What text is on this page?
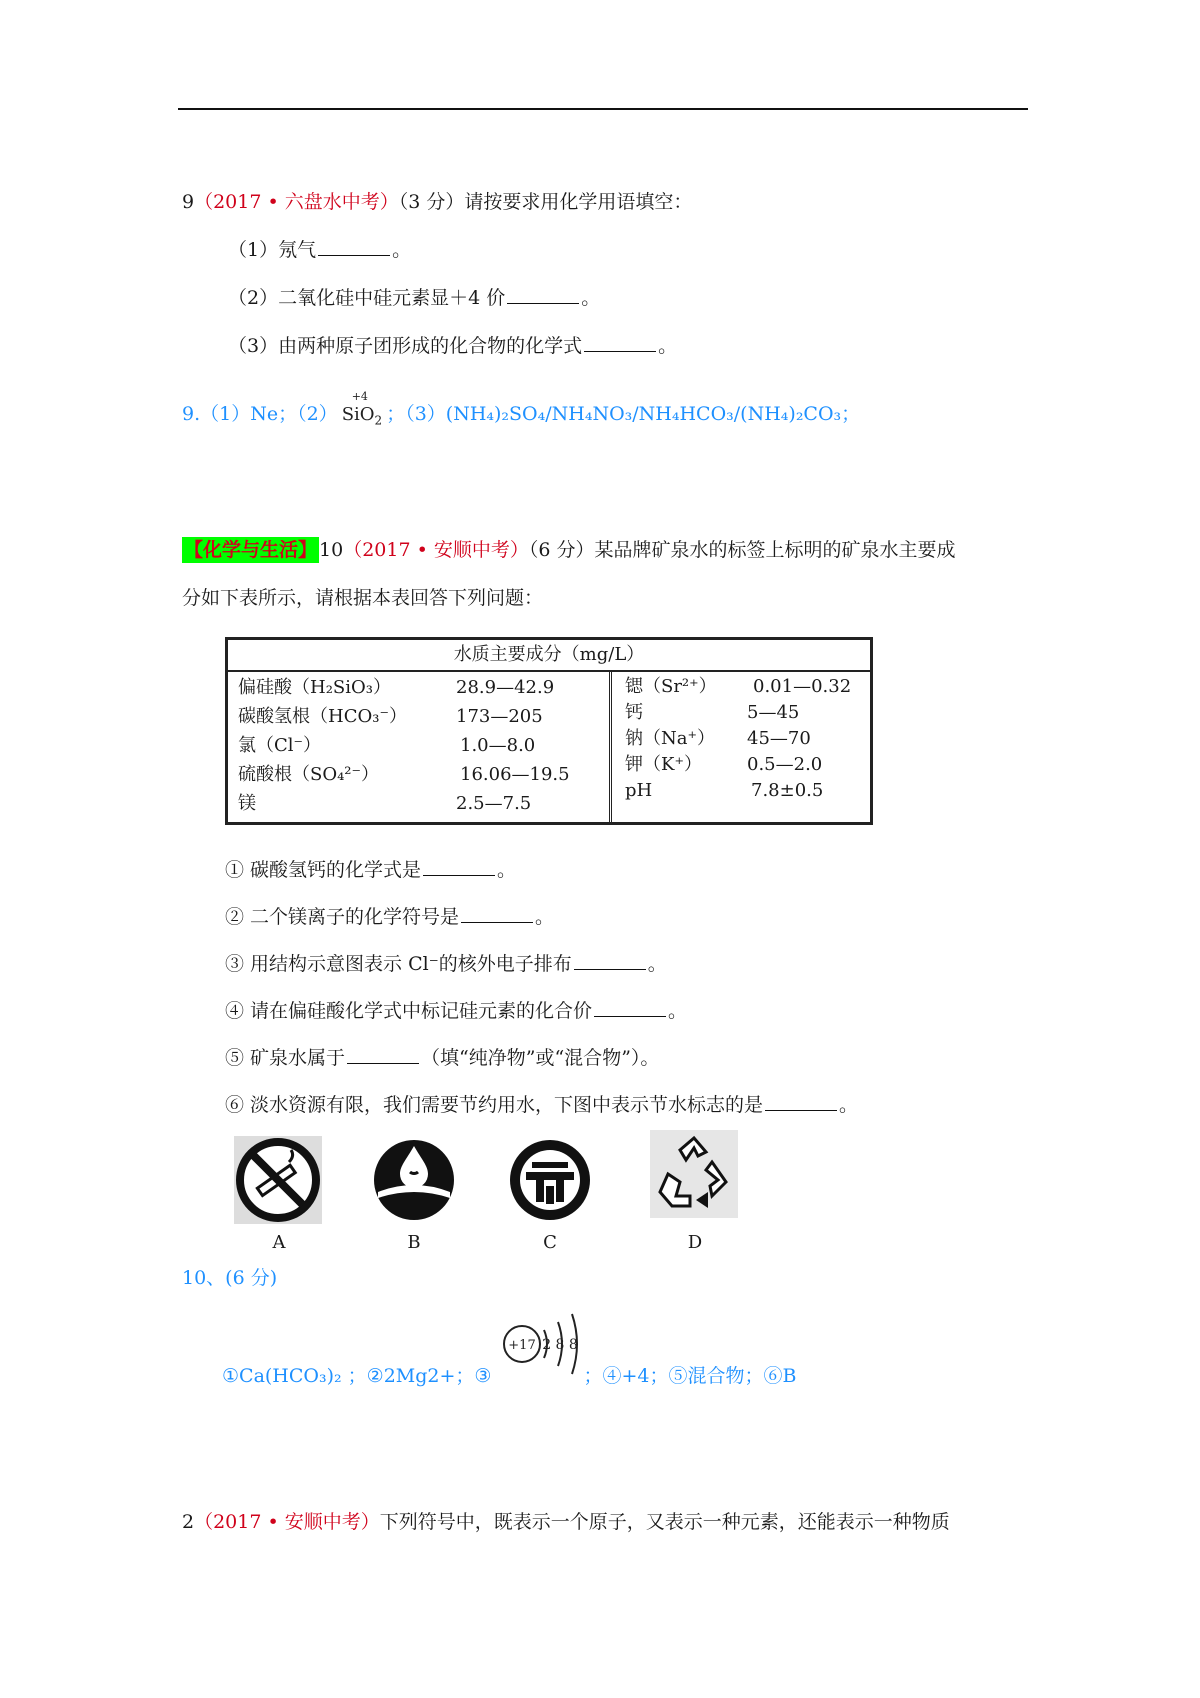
9（2017 • 六盘水中考）（3 分）请按要求用化学用语填空：
（1）氖气	。
（2）二氧化硅中硅元素显＋4 价	。
（3）由两种原子团形成的化合物的化学式	。
9.（1）Ne；（2）
+4
SiO$_2$ ；（3）(NH₄)₂SO₄/NH₄NO₃/NH₄HCO₃/(NH₄)₂CO₃；
【化学与生活】 10（2017 • 安顺中考）（6 分）某品牌矿泉水的标签上标明的矿泉水主要成
分如下表所示，请根据本表回答下列问题：
水质主要成分（mg/L）
偏硅酸（H₂SiO₃）	28.9—42.9
碳酸氢根（HCO₃⁻）	173—205
氯（Cl⁻）	1.0—8.0
硫酸根（SO₄²⁻）	16.06—19.5
镁	2.5—7.5
锶（Sr²⁺） 0.01—0.32
钙	5—45
钠（Na⁺） 45—70
钾（K⁺）	0.5—2.0
pH	7.8±0.5
① 碳酸氢钙的化学式是	。
② 二个镁离子的化学符号是	。
③ 用结构示意图表示 Cl⁻的核外电子排布	。
④ 请在偏硅酸化学式中标记硅元素的化合价	。
⑤ 矿泉水属于	（填“纯净物”或“混合物”）。
⑥ 淡水资源有限，我们需要节约用水，下图中表示节水标志的是	。
A	B	C	D
10、(6 分)
①Ca(HCO₃)₂ ；②2Mg2+；③	；④+4；⑤混合物；⑥B
+17 2 8 8
2（2017 • 安顺中考）下列符号中，既表示一个原子，又表示一种元素，还能表示一种物质
